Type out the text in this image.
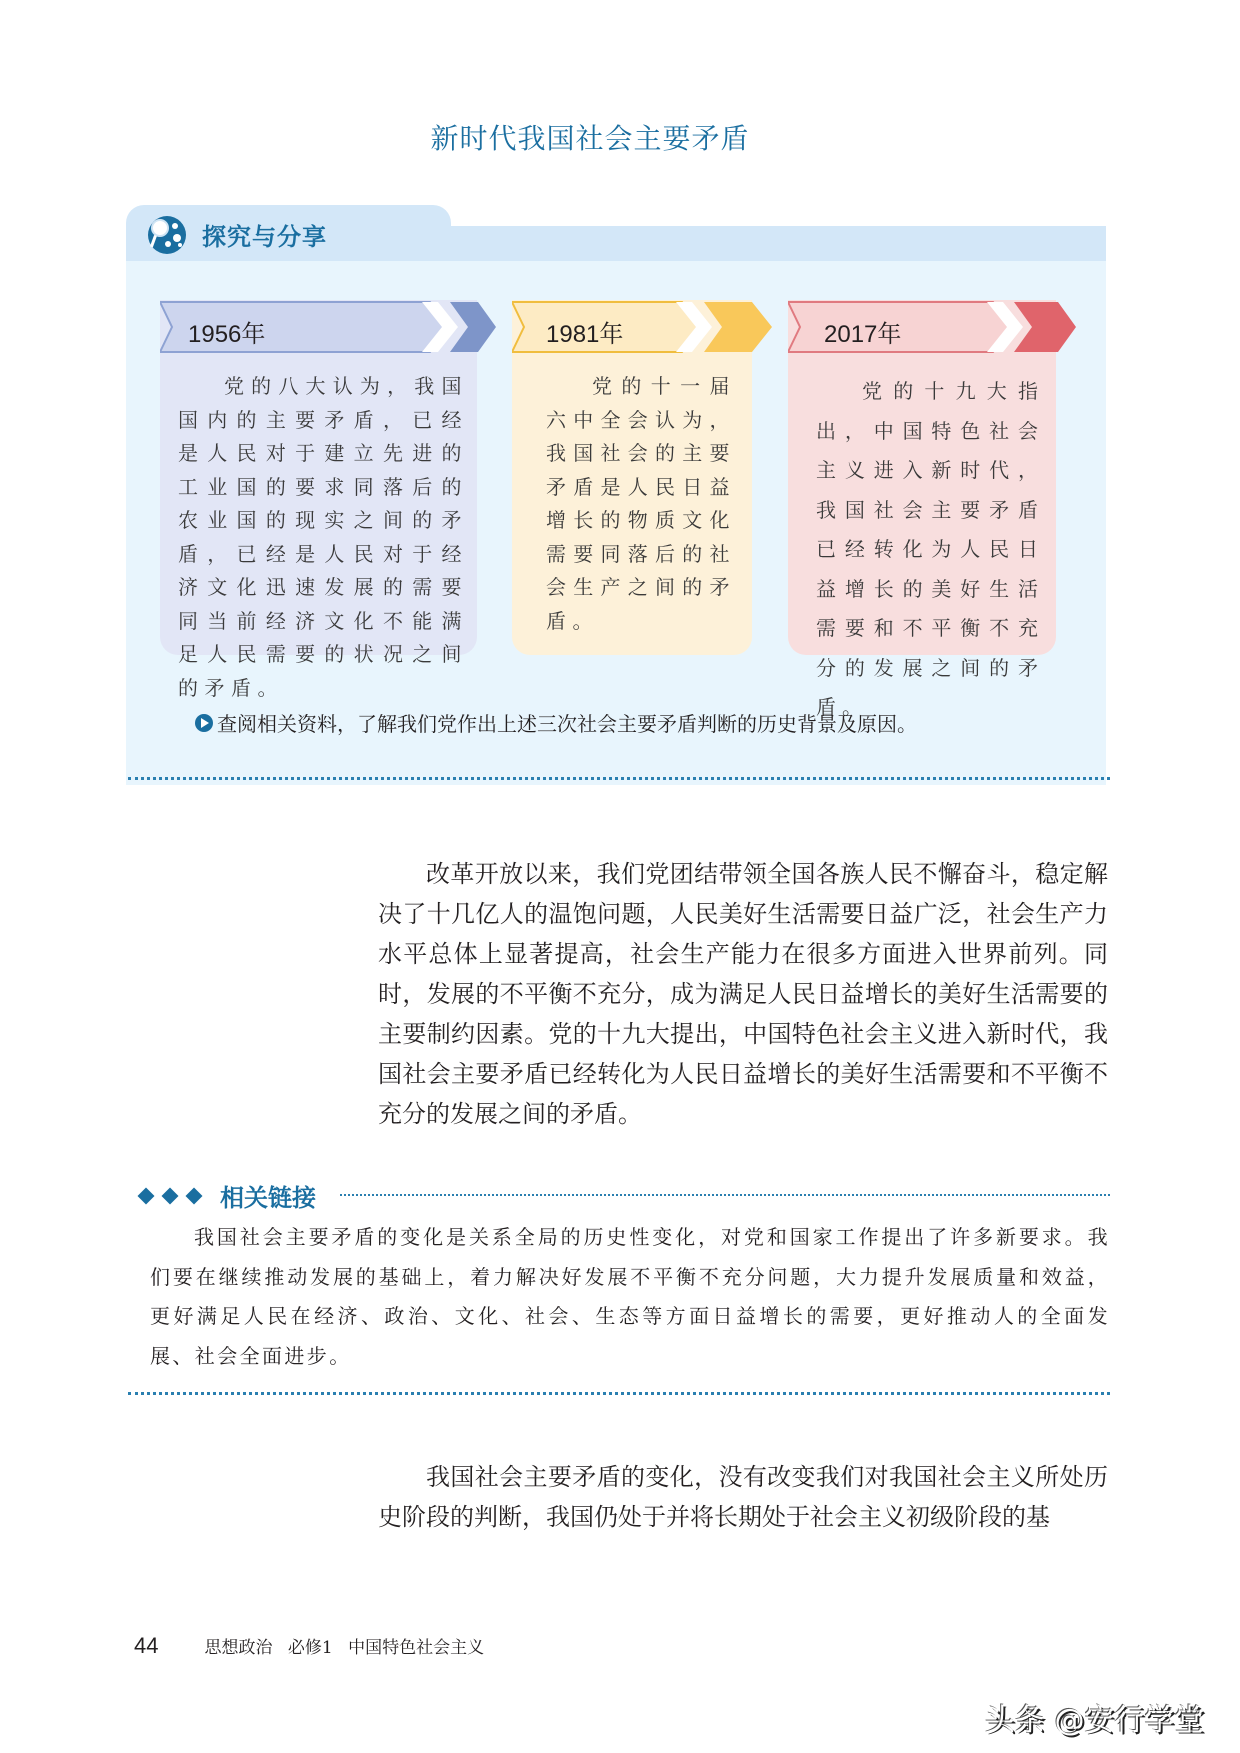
新时代我国社会主要矛盾
探究与分享
1956年
党的八大认为，我国国内的主要矛盾，已经是人民对于建立先进的工业国的要求同落后的农业国的现实之间的矛盾，已经是人民对于经济文化迅速发展的需要同当前经济文化不能满足人民需要的状况之间的矛盾。
1981年
党的十一届六中全会认为，我国社会的主要矛盾是人民日益增长的物质文化需要同落后的社会生产之间的矛盾。
2017年
党的十九大指出，中国特色社会主义进入新时代，我国社会主要矛盾已经转化为人民日益增长的美好生活需要和不平衡不充分的发展之间的矛盾。
查阅相关资料，了解我们党作出上述三次社会主要矛盾判断的历史背景及原因。

改革开放以来，我们党团结带领全国各族人民不懈奋斗，稳定解决了十几亿人的温饱问题，人民美好生活需要日益广泛，社会生产力水平总体上显著提高，社会生产能力在很多方面进入世界前列。同时，发展的不平衡不充分，成为满足人民日益增长的美好生活需要的主要制约因素。党的十九大提出，中国特色社会主义进入新时代，我国社会主要矛盾已经转化为人民日益增长的美好生活需要和不平衡不充分的发展之间的矛盾。

相关链接

我国社会主要矛盾的变化是关系全局的历史性变化，对党和国家工作提出了许多新要求。我们要在继续推动发展的基础上，着力解决好发展不平衡不充分问题，大力提升发展质量和效益，更好满足人民在经济、政治、文化、社会、生态等方面日益增长的需要，更好推动人的全面发展、社会全面进步。

我国社会主要矛盾的变化，没有改变我们对我国社会主义所处历史阶段的判断，我国仍处于并将长期处于社会主义初级阶段的基

44	思想政治 必修1 中国特色社会主义
头条 @安行学堂
